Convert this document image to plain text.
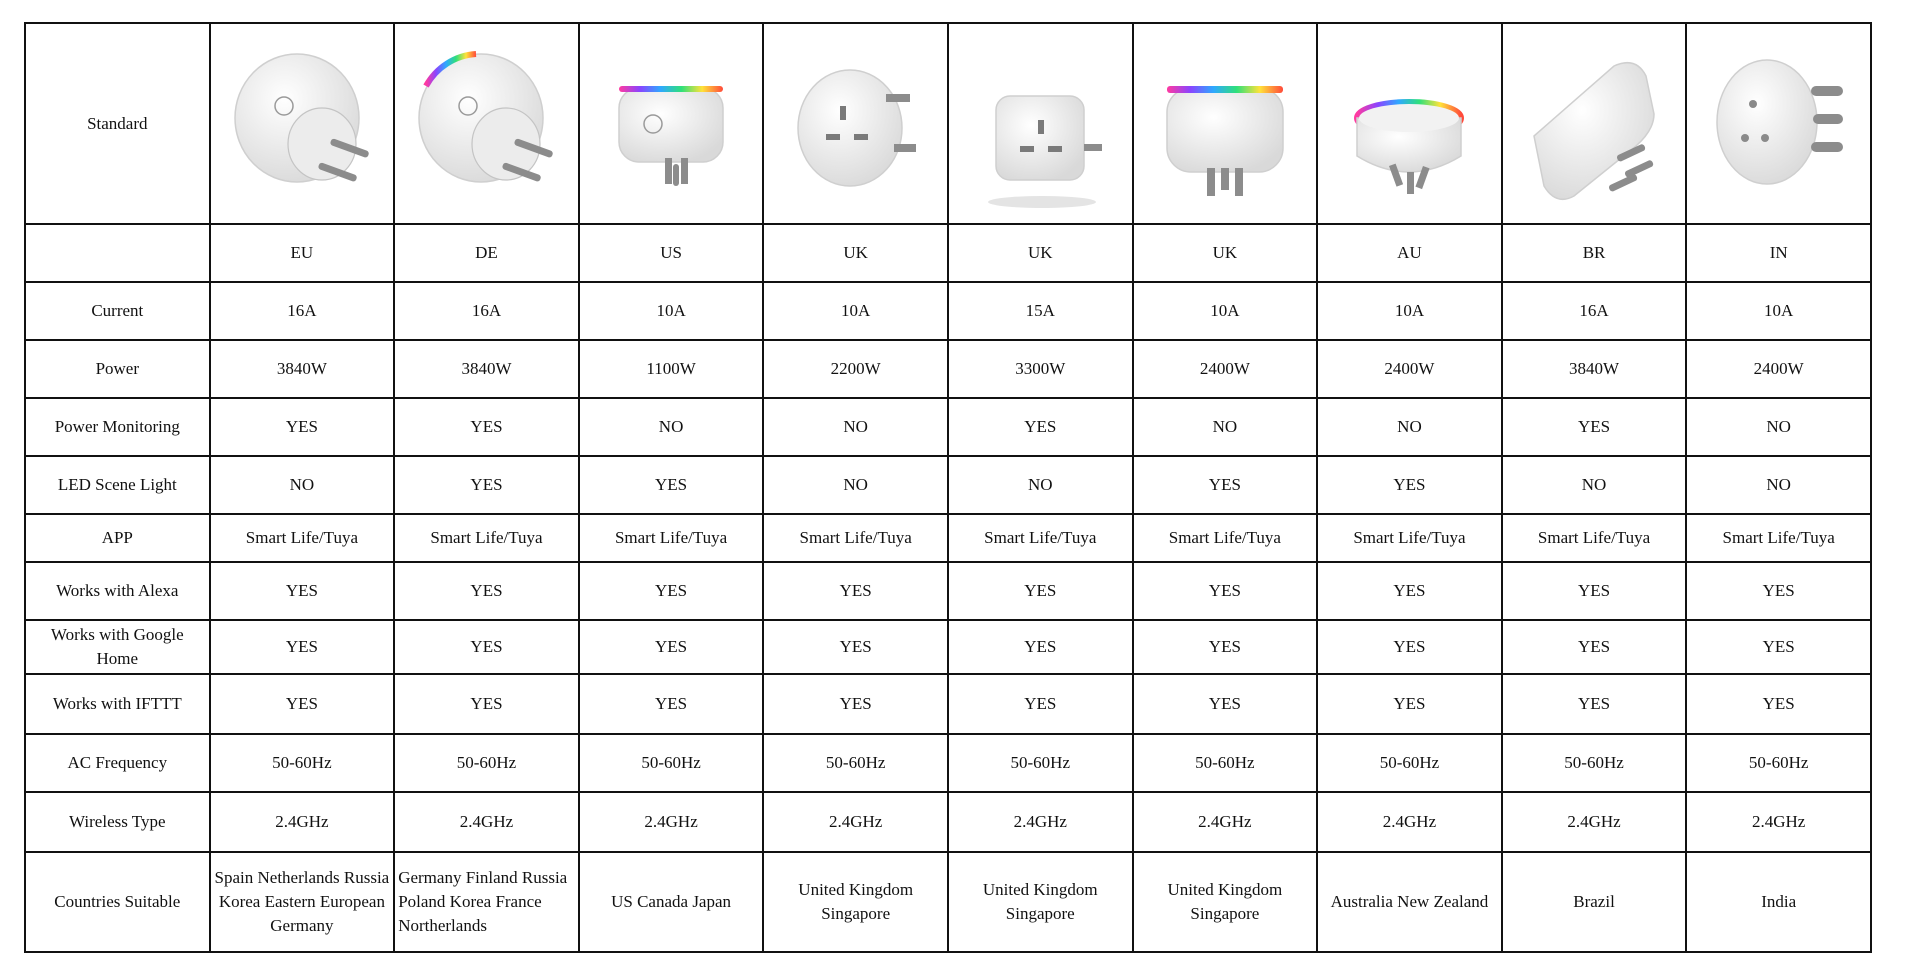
Standard	

	EU	DE	US	UK	UK	UK	AU	BR	IN
Current	16A	16A	10A	10A	15A	10A	10A	16A	10A
Power	3840W	3840W	1100W	2200W	3300W	2400W	2400W	3840W	2400W
Power Monitoring	YES	YES	NO	NO	YES	NO	NO	YES	NO
LED Scene Light	NO	YES	YES	NO	NO	YES	YES	NO	NO
APP	Smart Life/Tuya	Smart Life/Tuya	Smart Life/Tuya	Smart Life/Tuya	Smart Life/Tuya	Smart Life/Tuya	Smart Life/Tuya	Smart Life/Tuya	Smart Life/Tuya
Works with Alexa	YES	YES	YES	YES	YES	YES	YES	YES	YES
Works with Google Home	YES	YES	YES	YES	YES	YES	YES	YES	YES
Works with IFTTT	YES	YES	YES	YES	YES	YES	YES	YES	YES
AC Frequency	50-60Hz	50-60Hz	50-60Hz	50-60Hz	50-60Hz	50-60Hz	50-60Hz	50-60Hz	50-60Hz
Wireless Type	2.4GHz	2.4GHz	2.4GHz	2.4GHz	2.4GHz	2.4GHz	2.4GHz	2.4GHz	2.4GHz
Countries Suitable	Spain Netherlands Russia Korea Eastern European Germany	Germany Finland Russia Poland Korea France Northerlands	US Canada Japan	United Kingdom Singapore	United Kingdom Singapore	United Kingdom Singapore	Australia New Zealand	Brazil	India
